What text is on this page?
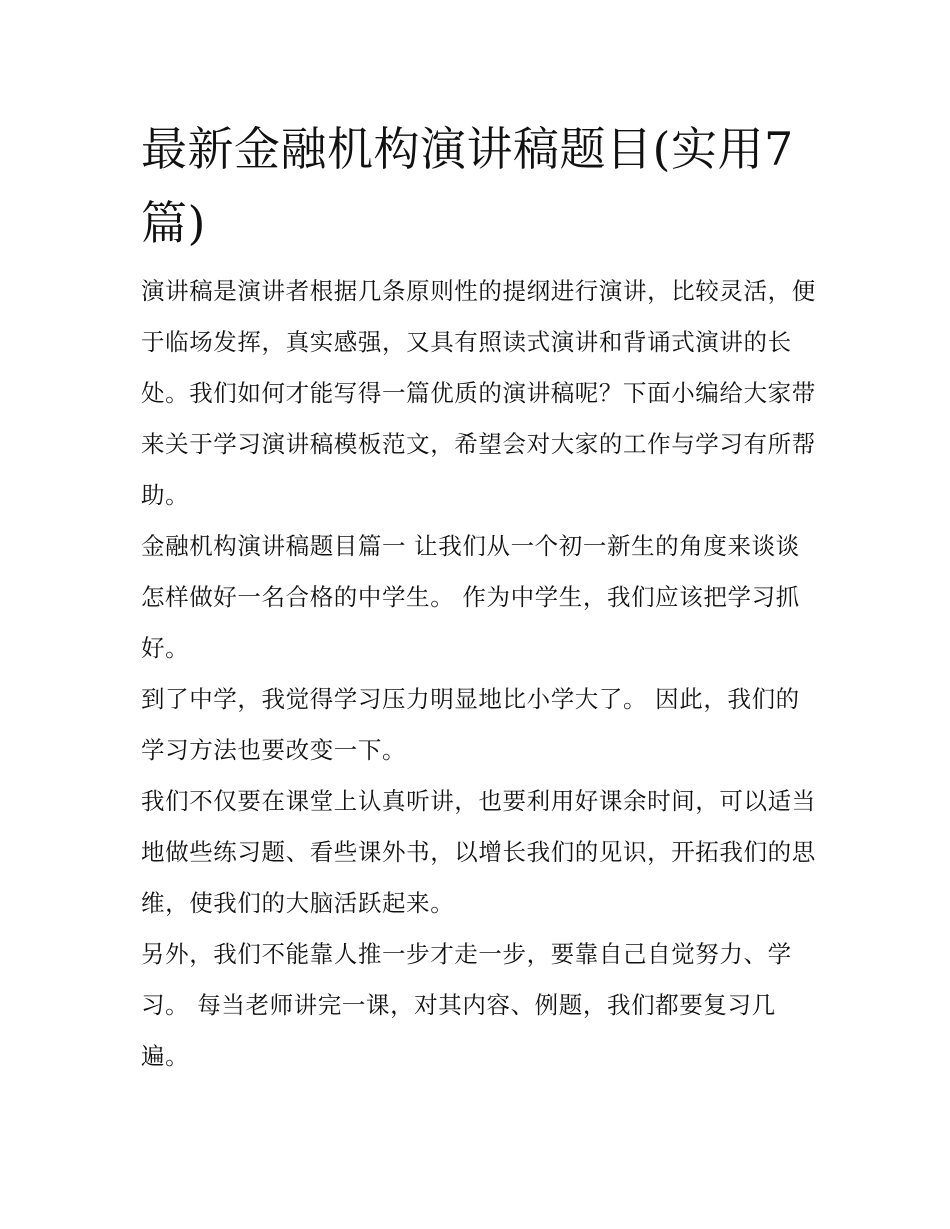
最新金融机构演讲稿题目(实用7篇)

演讲稿是演讲者根据几条原则性的提纲进行演讲，比较灵活，便于临场发挥，真实感强，又具有照读式演讲和背诵式演讲的长处。我们如何才能写得一篇优质的演讲稿呢？下面小编给大家带来关于学习演讲稿模板范文，希望会对大家的工作与学习有所帮助。

金融机构演讲稿题目篇一 让我们从一个初一新生的角度来谈谈怎样做好一名合格的中学生。 作为中学生，我们应该把学习抓好。

到了中学，我觉得学习压力明显地比小学大了。 因此，我们的学习方法也要改变一下。

我们不仅要在课堂上认真听讲，也要利用好课余时间，可以适当地做些练习题、看些课外书，以增长我们的见识，开拓我们的思维，使我们的大脑活跃起来。

另外，我们不能靠人推一步才走一步，要靠自己自觉努力、学习。 每当老师讲完一课，对其内容、例题，我们都要复习几遍。
